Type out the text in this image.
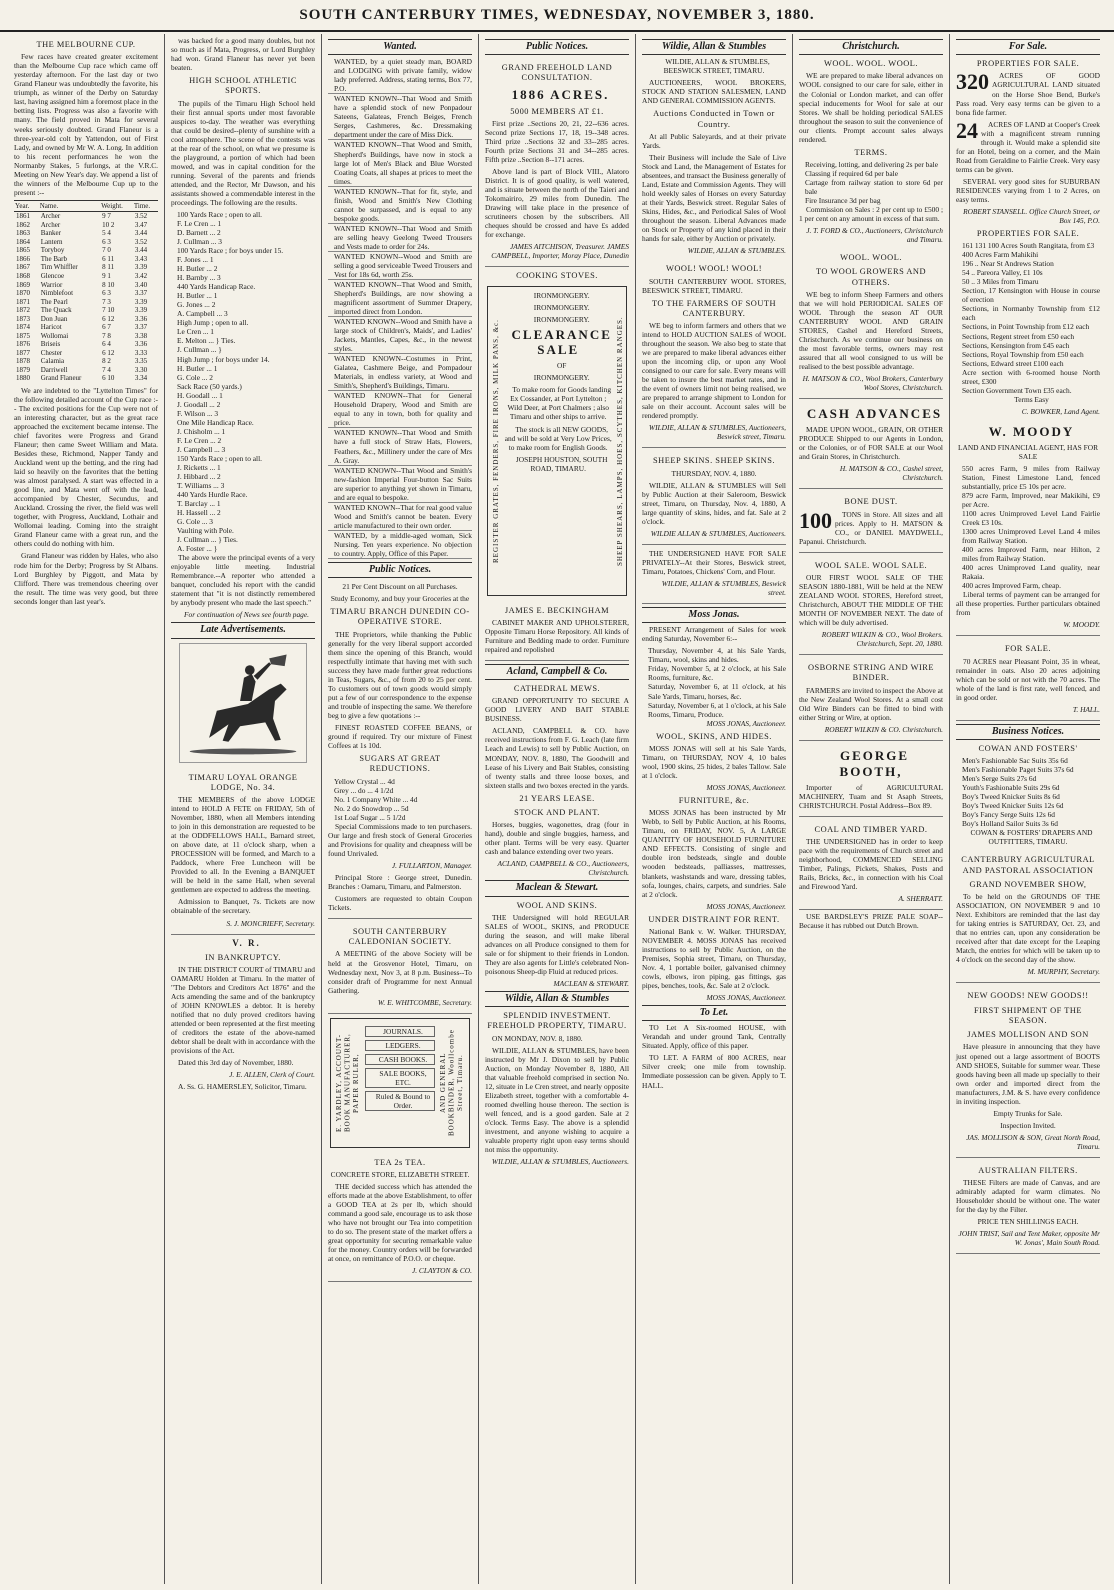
SOUTH CANTERBURY TIMES, WEDNESDAY, NOVEMBER 3, 1880.
THE MELBOURNE CUP.

Few races have created greater excitement than the Melbourne Cup race which came off yesterday afternoon. For the last day or two Grand Flaneur was undoubtedly the favorite, his triumph, as winner of the Derby on Saturday last, having assigned him a foremost place in the betting lists. Progress was also a favorite with many. The field proved in Mata for several weeks seriously doubted. Grand Flaneur is a three-year-old colt by Yattendon, out of First Lady, and owned by Mr W. A. Long. In addition to his recent performances he won the Normanby Stakes, 5 furlongs, at the V.R.C. Meeting on New Year's day. We append a list of the winners of the Melbourne Cup up to the present :--

Year.	Name.	Weight.	Time.
1861	Archer	9 7	3.52
1862	Archer	10 2	3.47
1863	Banker	5 4	3.44
1864	Lantern	6 3	3.52
1865	Toryboy	7 0	3.44
1866	The Barb	6 11	3.43
1867	Tim Whiffler	8 11	3.39
1868	Glencoe	9 1	3.42
1869	Warrior	8 10	3.40
1870	Nimblefoot	6 3	3.37
1871	The Pearl	7 3	3.39
1872	The Quack	7 10	3.39
1873	Don Juan	6 12	3.36
1874	Haricot	6 7	3.37
1875	Wollomai	7 8	3.38
1876	Briseis	6 4	3.36
1877	Chester	6 12	3.33
1878	Calamia	8 2	3.35
1879	Darriwell	7 4	3.30
1880	Grand Flaneur	6 10	3.34

We are indebted to the "Lyttelton Times" for the following detailed account of the Cup race :-- The excited positions for the Cup were not of an interesting character, but as the great race approached the excitement became intense. The chief favorites were Progress and Grand Flaneur; then came Sweet William and Mata. Besides these, Richmond, Napper Tandy and Auckland went up the betting, and the ring had laid so heavily on the favorites that the betting was almost paralysed. A start was effected in a good line, and Mata went off with the lead, accompanied by Chester, Secundus, and Auckland. Crossing the river, the field was well together, with Progress, Auckland, Lothair and Wollomai leading. Coming into the straight Grand Flaneur came with a great run, and the others could do nothing with him.

Grand Flaneur was ridden by Hales, who also rode him for the Derby; Progress by St Albans. Lord Burghley by Piggott, and Mata by Clifford. There was tremendous cheering over the result. The time was very good, but three seconds longer than last year's.

was backed for a good many doubles, but not so much as if Mata, Progress, or Lord Burghley had won. Grand Flaneur has never yet been beaten.

HIGH SCHOOL ATHLETIC SPORTS.

The pupils of the Timaru High School held their first annual sports under most favorable auspices to-day. The weather was everything that could be desired--plenty of sunshine with a cool atmosphere. The scene of the contests was at the rear of the school, on what we presume is the playground, a portion of which had been mowed, and was in capital condition for the running. Several of the parents and friends attended, and the Rector, Mr Dawson, and his assistants showed a commendable interest in the proceedings. The following are the results.

100 Yards Race ; open to all.

F. Le Cren ... 1

D. Barnett ... 2

J. Cullman ... 3

100 Yards Race ; for boys under 15.

F. Jones ... 1

H. Butler ... 2

H. Barnby ... 3

440 Yards Handicap Race.

H. Butler ... 1

G. Jones ... 2

A. Campbell ... 3

High Jump ; open to all.

Le Cren ... 1

E. Melton ... } Ties.

J. Cullman ... }

High Jump ; for boys under 14.

H. Butler ... 1

G. Cole ... 2

Sack Race (50 yards.)

H. Goodall ... 1

J. Goodall ... 2

F. Wilson ... 3

One Mile Handicap Race.

J. Chisholm ... 1

F. Le Cren ... 2

J. Campbell ... 3

150 Yards Race ; open to all.

J. Ricketts ... 1

J. Hibbard ... 2

T. Williams ... 3

440 Yards Hurdle Race.

T. Barclay ... 1

H. Hassell ... 2

G. Cole ... 3

Vaulting with Pole.

J. Cullman ... } Ties.

A. Foster ... }

The above were the principal events of a very enjoyable little meeting. Industrial Remembrance.--A reporter who attended a banquet, concluded his report with the candid statement that "it is not distinctly remembered by anybody present who made the last speech."

For continuation of News see fourth page.

Late Advertisements.
TIMARU LOYAL ORANGE LODGE, No. 34.

THE MEMBERS of the above LODGE intend to HOLD A FETE on FRIDAY, 5th of November, 1880, when all Members intending to join in this demonstration are requested to be at the ODDFELLOWS HALL, Barnard street, on above date, at 11 o'clock sharp, when a PROCESSION will be formed, and March to a Paddock, where Free Luncheon will be Provided to all. In the Evening a BANQUET will be held in the same Hall, when several gentlemen are expected to address the meeting.

Admission to Banquet, 7s. Tickets are now obtainable of the secretary.

S. J. MONCRIEFF, Secretary.

V. R.

IN BANKRUPTCY.

IN THE DISTRICT COURT of TIMARU and OAMARU Holden at Timaru. In the matter of "The Debtors and Creditors Act 1876" and the Acts amending the same and of the bankruptcy of JOHN KNOWLES a debtor. It is hereby notified that no duly proved creditors having attended or been represented at the first meeting of creditors the estate of the above-named debtor shall be dealt with in accordance with the provisions of the Act.

Dated this 3rd day of November, 1880.

J. E. ALLEN, Clerk of Court.

A. Ss. G. HAMERSLEY, Solicitor, Timaru.

Wanted.

WANTED, by a quiet steady man, BOARD and LODGING with private family, widow lady preferred. Address, stating terms, Box 77, P.O.

WANTED KNOWN--That Wood and Smith have a splendid stock of new Ponpadour Sateens, Galateas, French Beiges, French Serges, Cashmeres, &c. Dressmaking department under the care of Miss Dick.

WANTED KNOWN--That Wood and Smith, Shepherd's Buildings, have now in stock a large lot of Men's Black and Blue Worsted Coating Coats, all shapes at prices to meet the times.

WANTED KNOWN--That for fit, style, and finish, Wood and Smith's New Clothing cannot be surpassed, and is equal to any bespoke goods.

WANTED KNOWN--That Wood and Smith are selling heavy Geelong Tweed Trousers and Vests made to order for 24s.

WANTED KNOWN--Wood and Smith are selling a good serviceable Tweed Trousers and Vest for 18s 6d, worth 25s.

WANTED KNOWN--That Wood and Smith, Shepherd's Buildings, are now showing a magnificent assortment of Summer Drapery, imported direct from London.

WANTED KNOWN--Wood and Smith have a large stock of Children's, Maids', and Ladies' Jackets, Mantles, Capes, &c., in the newest styles.

WANTED KNOWN--Costumes in Print, Galatea, Cashmere Beige, and Pompadour Materials, in endless variety, at Wood and Smith's, Shepherd's Buildings, Timaru.

WANTED KNOWN--That for General Household Drapery, Wood and Smith are equal to any in town, both for quality and price.

WANTED KNOWN--That Wood and Smith have a full stock of Straw Hats, Flowers, Feathers, &c., Millinery under the care of Mrs A. Gray.

WANTED KNOWN--That Wood and Smith's new-fashion Imperial Four-button Sac Suits are superior to anything yet shown in Timaru, and are equal to bespoke.

WANTED KNOWN--That for real good value Wood and Smith's cannot be beaten. Every article manufactured to their own order.

WANTED, by a middle-aged woman, Sick Nursing. Ten years experience. No objection to country. Apply, Office of this Paper.

Public Notices.

21 Per Cent Discount on all Purchases.

Study Economy, and buy your Groceries at the

TIMARU BRANCH DUNEDIN CO-OPERATIVE STORE.

THE Proprietors, while thanking the Public generally for the very liberal support accorded them since the opening of this Branch, would respectfully intimate that having met with such success they have made further great reductions in Teas, Sugars, &c., of from 20 to 25 per cent. To customers out of town goods would simply put a few of our correspondence to the expense and trouble of inspecting the same. We therefore beg to give a few quotations :--

FINEST ROASTED COFFEE BEANS, or ground if required. Try our mixture of Finest Coffees at 1s 10d.

SUGARS AT GREAT REDUCTIONS.

Yellow Crystal ... 4d

Grey ... do ... 4 1/2d

No. 1 Company White ... 4d

No. 2 do Snowdrop ... 5d

1st Loaf Sugar ... 5 1/2d

Special Commissions made to ten purchasers. Our large and fresh stock of General Groceries and Provisions for quality and cheapness will be found Unrivaled.

J. FULLARTON, Manager.

Principal Store : George street, Dunedin. Branches : Oamaru, Timaru, and Palmerston.

Customers are requested to obtain Coupon Tickets.

SOUTH CANTERBURY CALEDONIAN SOCIETY.

A MEETING of the above Society will be held at the Grosvenor Hotel, Timaru, on Wednesday next, Nov 3, at 8 p.m. Business--To consider draft of Programme for next Annual Gathering.

W. E. WHITCOMBE, Secretary.

E. YARDLEY, ACCOUNT-BOOK MANUFACTURER, PAPER RULER,

JOURNALS.

LEDGERS.

CASH BOOKS.

SALE BOOKS, ETC.

Ruled & Bound to Order.	AND GENERAL BOOKBINDER, Woollcombe Street, Timaru.
TEA 2s TEA.

CONCRETE STORE, ELIZABETH STREET.

THE decided success which has attended the efforts made at the above Establishment, to offer a GOOD TEA at 2s per lb, which should command a good sale, encourage us to ask those who have not brought our Tea into competition to do so. The present state of the market offers a great opportunity for securing remarkable value for the money. Country orders will be forwarded at once, on remittance of P.O.O. or cheque.

J. CLAYTON & CO.

Public Notices.
GRAND FREEHOLD LAND CONSULTATION.

1886 ACRES.

5000 MEMBERS AT £1.

First prize ..Sections 20, 21, 22--636 acres. Second prize Sections 17, 18, 19--348 acres. Third prize ..Sections 32 and 33--285 acres. Fourth prize Sections 31 and 34--285 acres. Fifth prize ..Section 8--171 acres.

Above land is part of Block VIII., Alatoro District. It is of good quality, is well watered, and is situate between the north of the Taieri and Tokomairiro, 29 miles from Dunedin. The Drawing will take place in the presence of scrutineers chosen by the subscribers. All cheques should be crossed and have £s added for exchange.

JAMES AITCHISON, Treasurer. JAMES CAMPBELL, Importer, Moray Place, Dunedin

COOKING STOVES.
REGISTER GRATES, FENDERS, FIRE IRONS, MILK PANS, &c.

IRONMONGERY.

IRONMONGERY.

IRONMONGERY.

CLEARANCE SALE

OF

IRONMONGERY.

To make room for Goods landing Ex Cossander, at Port Lyttelton ; Wild Deer, at Port Chalmers ; also Timaru and other ships to arrive.

The stock is all NEW GOODS, and will be sold at Very Low Prices, to make room for English Goods.

JOSEPH HOUSTON, SOUTH ROAD, TIMARU.	SHEEP SHEARS, LAMPS, HOES, SCYTHES, KITCHEN RANGES.
JAMES E. BECKINGHAM

CABINET MAKER AND UPHOLSTERER, Opposite Timaru Horse Repository. All kinds of Furniture and Bedding made to order. Furniture repaired and repolished

Acland, Campbell & Co.
CATHEDRAL MEWS.

GRAND OPPORTUNITY TO SECURE A GOOD LIVERY AND BAIT STABLE BUSINESS.

ACLAND, CAMPBELL & CO. have received instructions from F. G. Leach (late firm Leach and Lewis) to sell by Public Auction, on MONDAY, NOV. 8, 1880, The Goodwill and Lease of his Livery and Bait Stables, consisting of twenty stalls and three loose boxes, and sixteen stalls and two boxes erected in the yards.

21 YEARS LEASE.
STOCK AND PLANT.

Horses, buggies, wagonettes, drag (four in hand), double and single buggies, harness, and other plant. Terms will be very easy. Quarter cash and balance extending over two years.

ACLAND, CAMPBELL & CO., Auctioneers, Christchurch.

Maclean & Stewart.
WOOL AND SKINS.

THE Undersigned will hold REGULAR SALES of WOOL, SKINS, and PRODUCE during the season, and will make liberal advances on all Produce consigned to them for sale or for shipment to their friends in London. They are also agents for Little's celebrated Non-poisonous Sheep-dip Fluid at reduced prices.

MACLEAN & STEWART.

Wildie, Allan & Stumbles
SPLENDID INVESTMENT. FREEHOLD PROPERTY, TIMARU.

ON MONDAY, NOV. 8, 1880.

WILDIE, ALLAN & STUMBLES, have been instructed by Mr J. Dixon to sell by Public Auction, on Monday November 8, 1880, All that valuable freehold comprised in section No. 12, situate in Le Cren street, and nearly opposite Elizabeth street, together with a comfortable 4-roomed dwelling house thereon. The section is well fenced, and is a good garden. Sale at 2 o'clock. Terms Easy. The above is a splendid investment, and anyone wishing to acquire a valuable property right upon easy terms should not miss the opportunity.

WILDIE, ALLAN & STUMBLES, Auctioneers.

Wildie, Allan & Stumbles

WILDIE, ALLAN & STUMBLES, BEESWICK STREET, TIMARU.

AUCTIONEERS, WOOL BROKERS, STOCK AND STATION SALESMEN, LAND AND GENERAL COMMISSION AGENTS.

Auctions Conducted in Town or Country.

At all Public Saleyards, and at their private Yards.

Their Business will include the Sale of Live Stock and Land, the Management of Estates for absentees, and transact the Business generally of Land, Estate and Commission Agents. They will hold weekly sales of Horses on every Saturday at their Yards, Beswick street. Regular Sales of Skins, Hides, &c., and Periodical Sales of Wool throughout the season. Liberal Advances made on Stock or Property of any kind placed in their hands for sale, either by Auction or privately.

WILDIE, ALLAN & STUMBLES.

WOOL! WOOL! WOOL!

SOUTH CANTERBURY WOOL STORES, BEESWICK STREET, TIMARU.

TO THE FARMERS OF SOUTH CANTERBURY.

WE beg to inform farmers and others that we intend to HOLD AUCTION SALES of WOOL throughout the season. We also beg to state that we are prepared to make liberal advances either upon the incoming clip, or upon any Wool consigned to our care for sale. Every means will be taken to insure the best market rates, and in the event of owners limit not being realised, we are prepared to arrange shipment to London for sale on their account. Account sales will be rendered promptly.

WILDIE, ALLAN & STUMBLES, Auctioneers, Beswick street, Timaru.

SHEEP SKINS. SHEEP SKINS.

THURSDAY, NOV. 4, 1880.

WILDIE, ALLAN & STUMBLES will Sell by Public Auction at their Saleroom, Beswick street, Timaru, on Thursday, Nov. 4, 1880, A large quantity of skins, hides, and fat. Sale at 2 o'clock.

WILDIE ALLAN & STUMBLES, Auctioneers.

THE UNDERSIGNED HAVE FOR SALE PRIVATELY--At their Stores, Beswick street, Timaru, Potatoes, Chickens' Corn, and Flour.

WILDIE, ALLAN & STUMBLES, Beswick street.

Moss Jonas.

PRESENT Arrangement of Sales for week ending Saturday, November 6:--

Thursday, November 4, at his Sale Yards, Timaru, wool, skins and hides.

Friday, November 5, at 2 o'clock, at his Sale Rooms, furniture, &c.

Saturday, November 6, at 11 o'clock, at his Sale Yards, Timaru, horses, &c.

Saturday, November 6, at 1 o'clock, at his Sale Rooms, Timaru, Produce.

MOSS JONAS, Auctioneer.

WOOL, SKINS, AND HIDES.

MOSS JONAS will sell at his Sale Yards, Timaru, on THURSDAY, NOV 4, 10 bales wool, 1900 skins, 25 hides, 2 bales Tallow. Sale at 1 o'clock.

MOSS JONAS, Auctioneer.

FURNITURE, &c.

MOSS JONAS has been instructed by Mr Webb, to Sell by Public Auction, at his Rooms, Timaru, on FRIDAY, NOV. 5, A LARGE QUANTITY OF HOUSEHOLD FURNITURE AND EFFECTS. Consisting of single and double iron bedsteads, single and double wooden bedsteads, palliasses, mattresses, blankets, washstands and ware, dressing tables, sofa, lounges, chairs, carpets, and sundries. Sale at 2 o'clock.

MOSS JONAS, Auctioneer.

UNDER DISTRAINT FOR RENT.

National Bank v. W. Walker. THURSDAY, NOVEMBER 4. MOSS JONAS has received instructions to sell by Public Auction, on the Premises, Sophia street, Timaru, on Thursday, Nov. 4, 1 portable boiler, galvanised chimney cowls, elbows, iron piping, gas fittings, gas pipes, benches, tools, &c. Sale at 2 o'clock.

MOSS JONAS, Auctioneer.

To Let.

TO Let A Six-roomed HOUSE, with Verandah and under ground Tank, Centrally Situated. Apply, office of this paper.

TO LET. A FARM of 800 ACRES, near Silver creek; one mile from township. Immediate possession can be given. Apply to T. HALL.

Christchurch.
WOOL. WOOL. WOOL.

WE are prepared to make liberal advances on WOOL consigned to our care for sale, either in the Colonial or London market, and can offer special inducements for Wool for sale at our Stores. We shall be holding periodical SALES throughout the season to suit the convenience of our clients. Prompt account sales always rendered.

TERMS.

Receiving, lotting, and delivering 2s per bale

Classing if required 6d per bale

Cartage from railway station to store 6d per bale

Fire Insurance 3d per bag

Commission on Sales : 2 per cent up to £500 ; 1 per cent on any amount in excess of that sum.

J. T. FORD & CO., Auctioneers, Christchurch and Timaru.

WOOL. WOOL.
TO WOOL GROWERS AND OTHERS.

WE beg to inform Sheep Farmers and others that we will hold PERIODICAL SALES OF WOOL Through the season AT OUR CANTERBURY WOOL AND GRAIN STORES, Cashel and Hereford Streets, Christchurch. As we continue our business on the most favorable terms, owners may rest assured that all wool consigned to us will be realised to the best possible advantage.

H. MATSON & CO., Wool Brokers, Canterbury Wool Stores, Christchurch.

CASH ADVANCES

MADE UPON WOOL, GRAIN, OR OTHER PRODUCE Shipped to our Agents in London, or the Colonies, or of FOR SALE at our Wool and Grain Stores, in Christchurch.

H. MATSON & CO., Cashel street, Christchurch.

BONE DUST.
100	TONS in Store. All sizes and all prices. Apply to H. MATSON & CO., or DANIEL MAYDWELL, Papanui. Christchurch.

WOOL SALE. WOOL SALE.

OUR FIRST WOOL SALE OF THE SEASON 1880-1881, Will be held at the NEW ZEALAND WOOL STORES, Hereford street, Christchurch, ABOUT THE MIDDLE OF THE MONTH OF NOVEMBER NEXT. The date of which will be duly advertised.

ROBERT WILKIN & CO., Wool Brokers. Christchurch, Sept. 20, 1880.

OSBORNE STRING AND WIRE BINDER.

FARMERS are invited to inspect the Above at the New Zealand Wool Stores. At a small cost Old Wire Binders can be fitted to bind with either String or Wire, at option.

ROBERT WILKIN & CO. Christchurch.

GEORGE BOOTH,

Importer of AGRICULTURAL MACHINERY, Tuam and St Asaph Streets, CHRISTCHURCH. Postal Address--Box 89.

COAL AND TIMBER YARD.

THE UNDERSIGNED has in order to keep pace with the requirements of Church street and neighborhood, COMMENCED SELLING Timber, Palings, Pickets, Shakes, Posts and Rails, Bricks, &c., in connection with his Coal and Firewood Yard.

A. SHERRATT.

USE BARDSLEY'S PRIZE PALE SOAP--Because it has rubbed out Dutch Brown.

For Sale.
PROPERTIES FOR SALE.
320	ACRES OF GOOD AGRICULTURAL LAND situated on the Horse Shoe Bend, Burke's Pass road. Very easy terms can be given to a bona fide farmer.

24	ACRES OF LAND at Cooper's Creek with a magnificent stream running through it. Would make a splendid site for an Hotel, being on a corner, and the Main Road from Geraldine to Fairlie Creek. Very easy terms can be given.

SEVERAL very good sites for SUBURBAN RESIDENCES varying from 1 to 2 Acres, on easy terms.

ROBERT STANSELL. Office Church Street, or Box 145, P.O.

PROPERTIES FOR SALE.

161 131 100 Acres South Rangitata, from £3

400 Acres Farm Mahikihi

196 .. Near St Andrews Station

54 .. Pareora Valley, £1 10s

50 .. 3 Miles from Timaru

Section, 17 Kensington with House in course of erection

Sections, in Normanby Township from £12 each

Sections, in Point Township from £12 each

Sections, Regent street from £50 each

Sections, Kensington from £45 each

Sections, Royal Township from £50 each

Sections, Edward street £100 each

Acre section with 6-roomed house North street, £300

Section Government Town £35 each.

Terms Easy

C. BOWKER, Land Agent.

W. MOODY

LAND AND FINANCIAL AGENT, HAS FOR SALE

550 acres Farm, 9 miles from Railway Station, Finest Limestone Land, fenced substantially, price £5 10s per acre.

879 acre Farm, Improved, near Makikihi, £9 per Acre.

1100 acres Unimproved Level Land Fairlie Creek £3 10s.

1300 acres Unimproved Level Land 4 miles from Railway Station.

400 acres Improved Farm, near Hilton, 2 miles from Railway Station.

400 acres Unimproved Land quality, near Rakaia.

400 acres Improved Farm, cheap.

Liberal terms of payment can be arranged for all these properties. Further particulars obtained from

W. MOODY.

FOR SALE.

70 ACRES near Pleasant Point, 35 in wheat, remainder in oats. Also 20 acres adjoining which can be sold or not with the 70 acres. The whole of the land is first rate, well fenced, and in good order.

T. HALL.

Business Notices.
COWAN AND FOSTERS'

Men's Fashionable Sac Suits 35s 6d

Men's Fashionable Paget Suits 37s 6d

Men's Serge Suits 27s 6d

Youth's Fashionable Suits 29s 6d

Boy's Tweed Knicker Suits 8s 6d

Boy's Tweed Knicker Suits 12s 6d

Boy's Fancy Serge Suits 12s 6d

Boy's Holland Sailor Suits 3s 6d

COWAN & FOSTERS' DRAPERS AND OUTFITTERS, TIMARU.

CANTERBURY AGRICULTURAL AND PASTORAL ASSOCIATION
GRAND NOVEMBER SHOW,

To be held on the GROUNDS OF THE ASSOCIATION, ON NOVEMBER 9 and 10 Next. Exhibitors are reminded that the last day for taking entries is SATURDAY, Oct. 23, and that no entries can, upon any consideration be received after that date except for the Leaping Match, the entries for which will be taken up to 4 o'clock on the second day of the show.

M. MURPHY, Secretary.

NEW GOODS! NEW GOODS!!
FIRST SHIPMENT OF THE SEASON.
JAMES MOLLISON AND SON

Have pleasure in announcing that they have just opened out a large assortment of BOOTS AND SHOES, Suitable for summer wear. These goods having been all made up specially to their own order and imported direct from the manufacturers, J.M. & S. have every confidence in inviting inspection.

Empty Trunks for Sale.

Inspection Invited.

JAS. MOLLISON & SON, Great North Road, Timaru.

AUSTRALIAN FILTERS.

THESE Filters are made of Canvas, and are admirably adapted for warm climates. No Householder should be without one. The water for the day by the Filter.

PRICE TEN SHILLINGS EACH.

JOHN TRIST, Sail and Tent Maker, opposite Mr W. Jonas', Main South Road.
